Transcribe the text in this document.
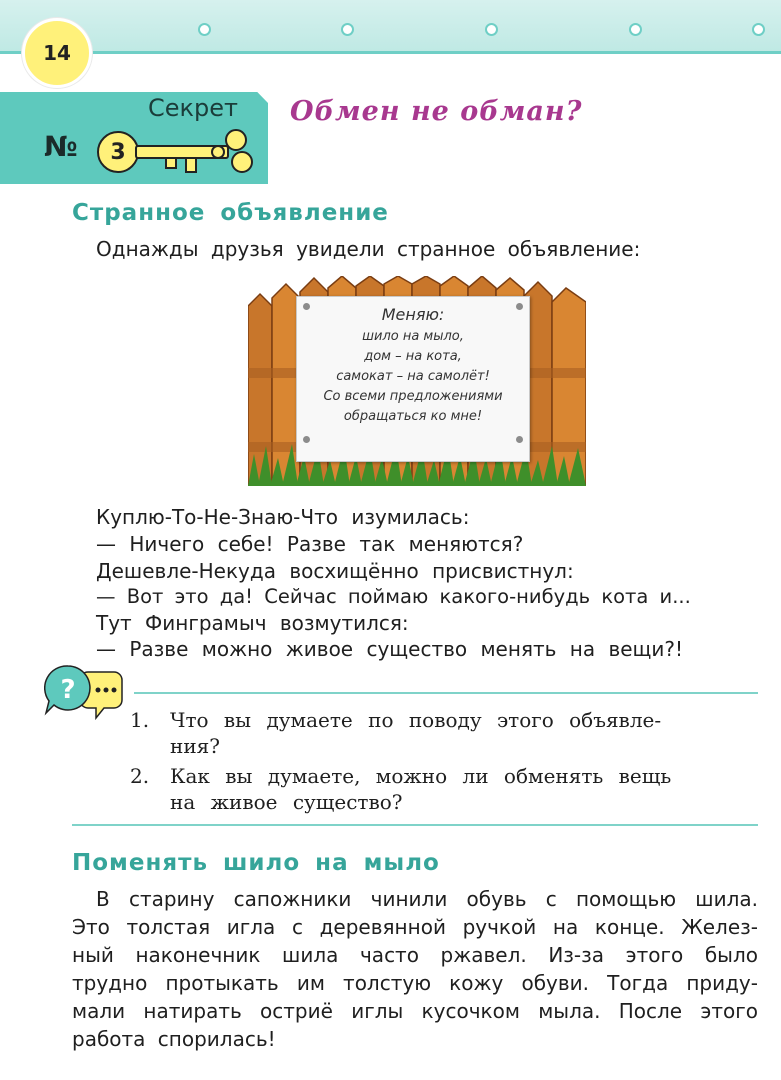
14
Секрет
№	3
Обмен не обман?
Странное объявление
Однажды друзья увидели странное объявление:
Меняю:
шило на мыло,
дом – на кота,
самокат – на самолёт!
Со всеми предложениями
обращаться ко мне!
Куплю-То-Не-Знаю-Что изумилась:
— Ничего себе! Разве так меняются?
Дешевле-Некуда восхищённо присвистнул:
— Вот это да! Сейчас поймаю какого-нибудь кота и...
Тут Финграмыч возмутился:
— Разве можно живое существо менять на вещи?!
?
1. Что вы думаете по поводу этого объявле-
ния?
2. Как вы думаете, можно ли обменять вещь
на живое существо?
Поменять шило на мыло
В старину сапожники чинили обувь с помощью шила.
Это толстая игла с деревянной ручкой на конце. Желез-
ный наконечник шила часто ржавел. Из-за этого было
трудно протыкать им толстую кожу обуви. Тогда приду-
мали натирать остриё иглы кусочком мыла. После этого
работа спорилась!
